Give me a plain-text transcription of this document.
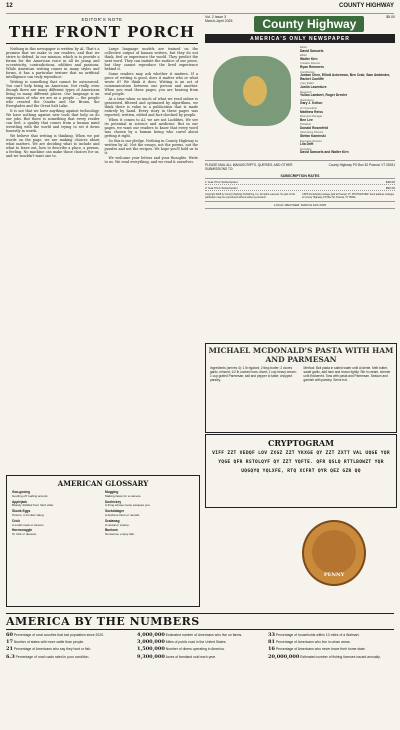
12	COUNTY HIGHWAY
EDITOR'S NOTE
THE FRONT PORCH

Nothing in this newspaper is written by AI. That's a promise that we make to our readers, and that we strive to defend. In our mission, which is to provide a forum for the American voice in all its pomp and eccentricity, contradictions, oddities and passions. While American writing comes in many styles and forms, it has a particular texture that no artificial intelligence can truly reproduce.

Writing is something that cannot be outsourced. You can't help being an American. Not really, even though there are many different types of Americans living in many different places. Our language is an expression of who we are as a people — the people who created the Ozarks and the Bronx, the Everglades and the Great Salt Lake.

It is not that we have anything against technology. We have nothing against new tools that help us do our jobs. But there is something that every reader can feel, a quality that comes from a human mind wrestling with the world and trying to set it down honestly in words.

We believe that writing is thinking. When we put words on the page, we are making choices about what matters. We are deciding what to include and what to leave out, how to describe a place, a person, a feeling. No machine can make those choices for us, and we wouldn't want one to.

Large language models are trained on the collective output of human writers, but they do not think, feel or experience the world. They predict the next word. They can imitate the surface of our prose, but they cannot reproduce the lived experience behind it.

Some readers may ask whether it matters. If a piece of writing is good, does it matter who or what wrote it? We think it does. Writing is an act of communication between one person and another. When you read these pages, you are hearing from real people.

At a time when so much of what we read online is generated, filtered and optimized by algorithms, we think there is value in a publication that is made entirely by hand. Every story in these pages was reported, written, edited and fact-checked by people.

When it comes to AI, we are not Luddites. We see its potential in science and medicine. But in our pages, we want our readers to know that every word was chosen by a human being who cared about getting it right.

So this is our pledge. Nothing in County Highway is written by AI. Not the essays, not the poems, not the puzzles and not the recipes. We hope you'll hold us to it.

We welcome your letters and your thoughts. Write to us. We read everything, and we read it ourselves.

Vol. 2 Issue 3
March–April 2025	County Highway	$5.00
AMERICA'S ONLY NEWSPAPER
Editor
David Samuels
Editor
Walter Kirn
Creative Director
Ryan Remmers
Contributors
Jordan Chen, Elliott Ackerman, Ben Crair, Sam Ambinder, Rachel Cunliffe
Copy Editor
Justin Laverdure
Research
Yulian Lambert, Roger Drexler
Illustrations
Gary J. Kelton
Art Consultant
Matthew Reiss
Business Manager
Ben Lee
Publisher
Donald Rosenfeld
Advertising Director
Stefan Kaminski
Executive Director
Lila Drift
Founders
David Samuels and Walter Kirn
PLEASE MAIL ALL MANUSCRIPTS, QUERIES, AND OTHER SUBMISSIONS TO:
County Highway PO Box 52 Pownal, VT 05261
SUBSCRIPTION RATES
1 Year Print Subscription	$48.00
2 Year Print Subscription	$90.00
Copyright 2025 by County Highway Publishing, Inc. All rights reserved. No part of this publication may be reproduced without written permission.
USPS Periodicals postage paid at Pownal, VT. POSTMASTER: Send address changes to County Highway, PO Box 52, Pownal, VT 05261.
LOCAL WEATHER: MARCH 12th 2025
MICHAEL MCDONALD'S PASTA WITH HAM AND PARMESAN
Ingredients (serves 4): 1 lb rigatoni; 2 tbsp butter; 2 cloves garlic, minced; 1/2 lb cooked ham, diced; 1 cup heavy cream; 1 cup grated Parmesan; salt and pepper to taste; chopped parsley.
Method: Boil pasta in salted water until al dente. Melt butter, sauté garlic, add ham and brown lightly. Stir in cream, simmer until thickened. Toss with pasta and Parmesan. Season and garnish with parsley. Serve hot.
CRYPTOGRAM
VIFF ZZT VEDQF LOV ZXGZ ZZT YKXGE QY ZZT ZXTT VAL UQGE YQR
YQGE QFR RSTOLQYF QY ZZT YQFTE. QFR QSLQ RTTLBOWZT YQR
UQGQYQ YQLXFE, RTQ XCFRT QYR QEZ GZR QQ
AMERICAN GLOSSARY
Goo-gooing
Goofing off; loafing around.
Applejack
Brandy distilled from hard cider.
Skunk Eggs
Onions, in frontier slang.
Crick
A small creek or stream.
Hornswoggle
To trick or deceive.
Mugging
Making faces for a camera.
Doohickey
A thing whose name escapes you.
Sockdolager
A decisive blow or remark.
Scalawag
A rascal or scamp.
Bunkum
Nonsense; empty talk.
PENNY
AMERICA BY THE NUMBERS
60 Percentage of rural counties that lost population since 2020.
17 Number of states with more cattle than people.
21 Percentage of Americans who say they hunt or fish.
6.3 Percentage of rural roads rated in poor condition.
4,000,000 Estimated number of Americans who live on farms.
3,000,000 Miles of public road in the United States.
1,500,000 Number of diners operating in America.
9,300,000 Acres of farmland sold each year.
33 Percentage of households within 10 miles of a Walmart.
81 Percentage of Americans who live in urban areas.
16 Percentage of Americans who never leave their home state.
20,000,000 Estimated number of fishing licenses issued annually.
